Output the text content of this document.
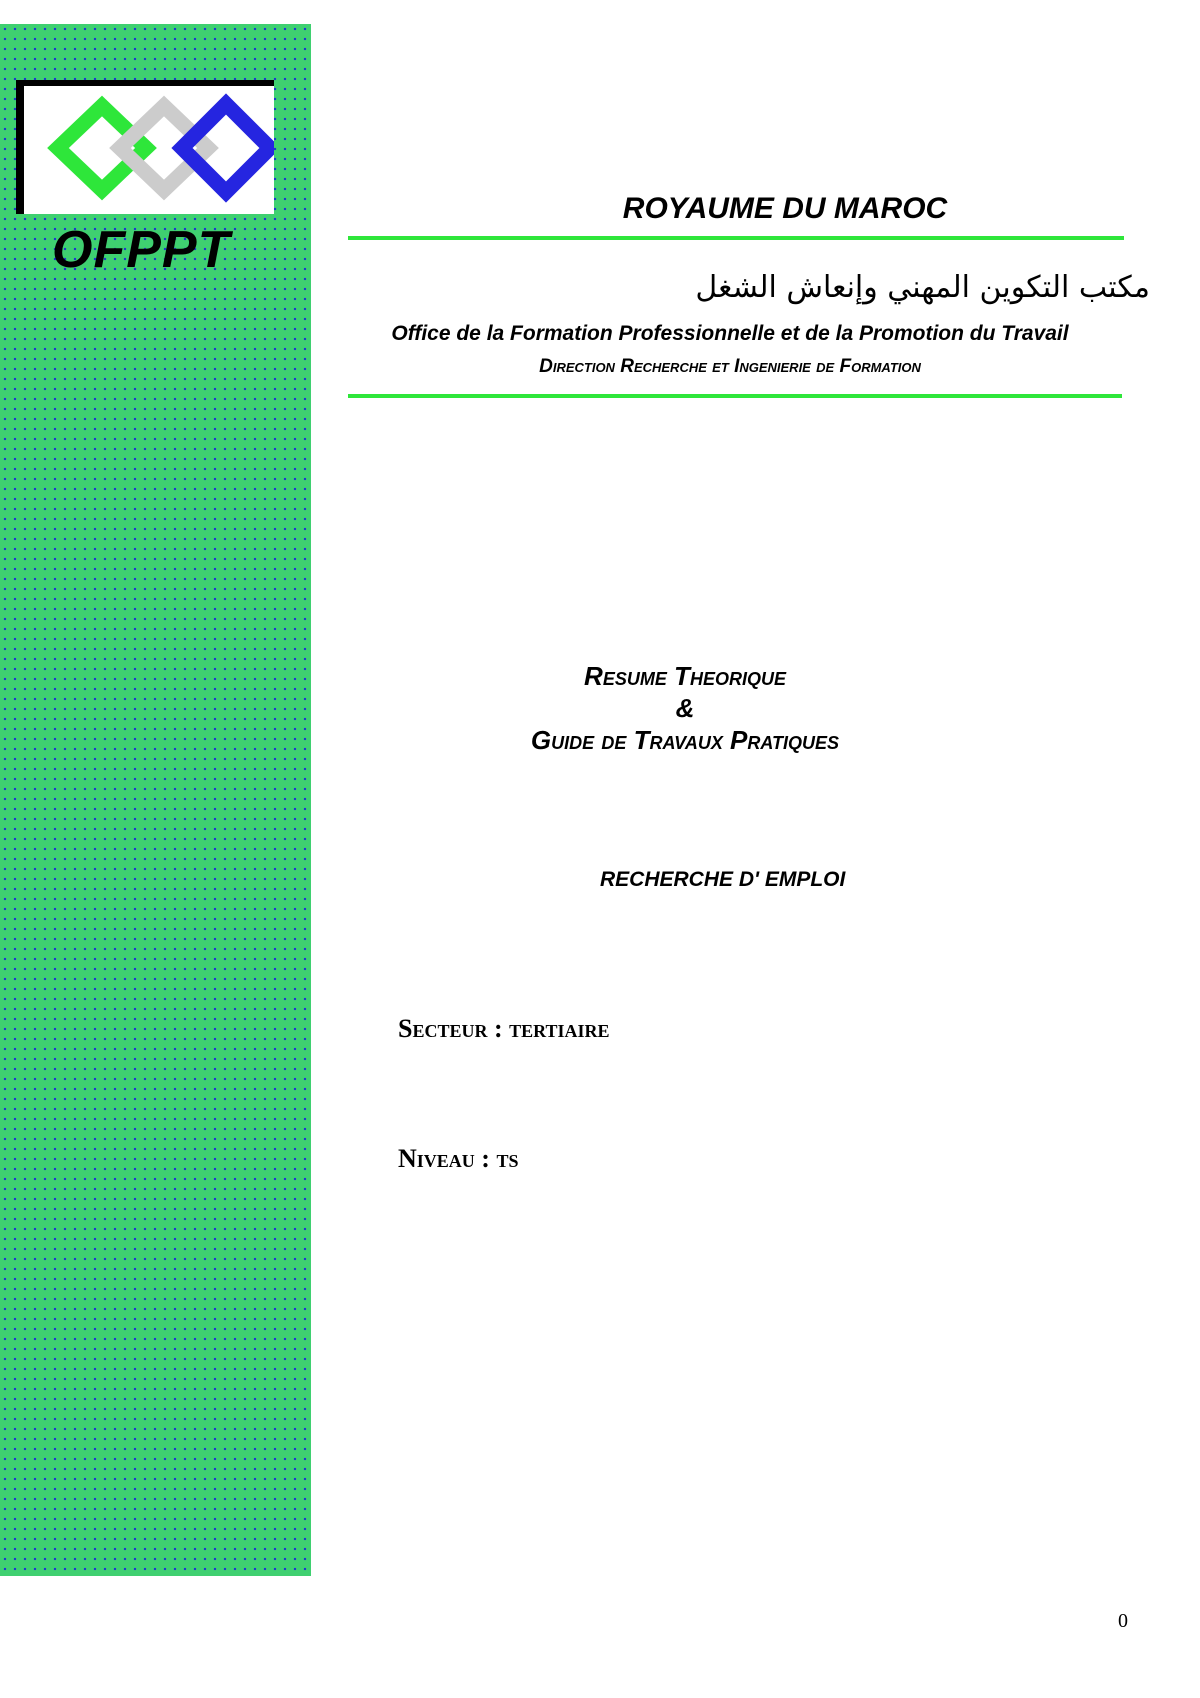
OFPPT
ROYAUME DU MAROC
مكتب التكوين المهني وإنعاش الشغل
Office de la Formation Professionnelle et de la Promotion du Travail
Direction Recherche et Ingenierie de Formation
Resume Theorique
&
Guide de Travaux Pratiques
RECHERCHE D' EMPLOI
Secteur : tertiaire
Niveau : ts
0
